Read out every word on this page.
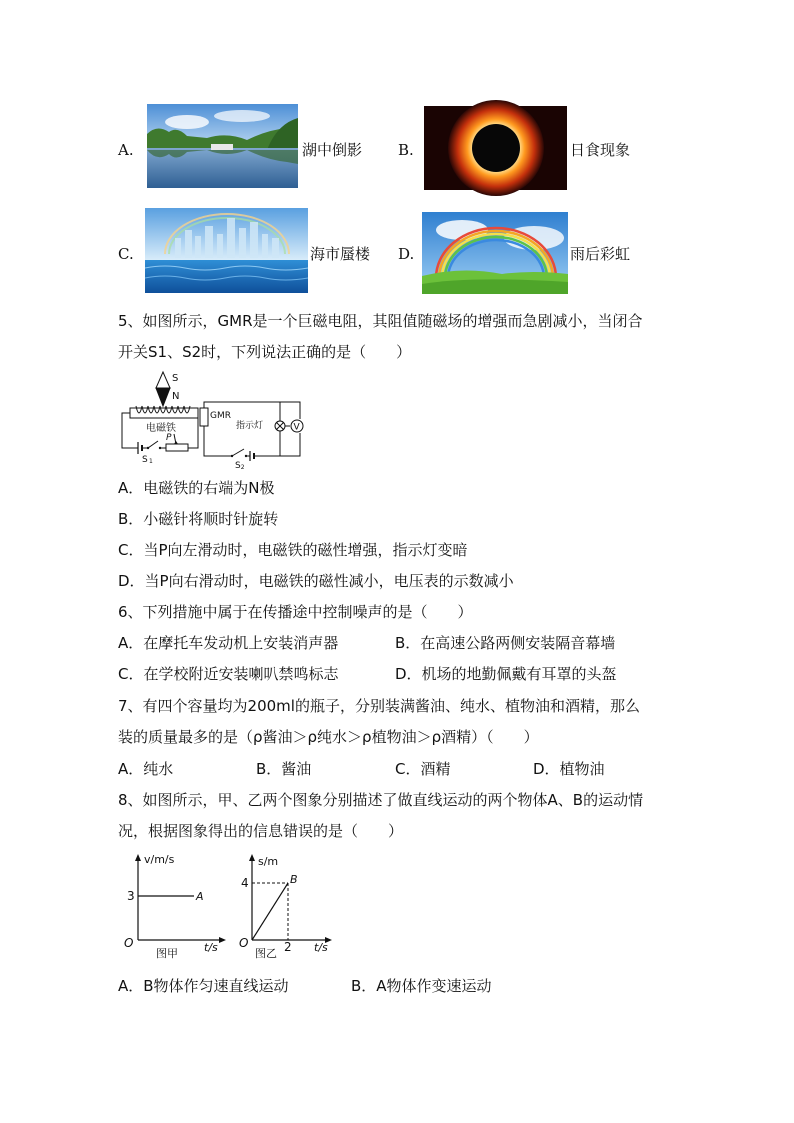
A.	湖中倒影 B.	日食现象
C.	海市蜃楼 D.	雨后彩虹
5、如图所示，GMR是一个巨磁电阻，其阻值随磁场的增强而急剧减小，当闭合
开关S1、S2时，下列说法正确的是（　　）
S
N
电磁铁
S 1
P
GMR
指示灯	V
S2
A．电磁铁的右端为N极
B．小磁针将顺时针旋转
C．当P向左滑动时，电磁铁的磁性增强，指示灯变暗
D．当P向右滑动时，电磁铁的磁性减小，电压表的示数减小
6、下列措施中属于在传播途中控制噪声的是（　　）
A．在摩托车发动机上安装消声器	B．在高速公路两侧安装隔音幕墙
C．在学校附近安装喇叭禁鸣标志	D．机场的地勤佩戴有耳罩的头盔
7、有四个容量均为200ml的瓶子，分别装满酱油、纯水、植物油和酒精，那么
装的质量最多的是（ρ酱油＞ρ纯水＞ρ植物油＞ρ酒精）（　　）
A．纯水	B．酱油	C．酒精	D．植物油
8、如图所示，甲、乙两个图象分别描述了做直线运动的两个物体A、B的运动情
况，根据图象得出的信息错误的是（　　）
v/m/s
t/s
O
3	A
图甲
s/m
t/s
O
4	B
2
图乙
A．B物体作匀速直线运动	B．A物体作变速运动
